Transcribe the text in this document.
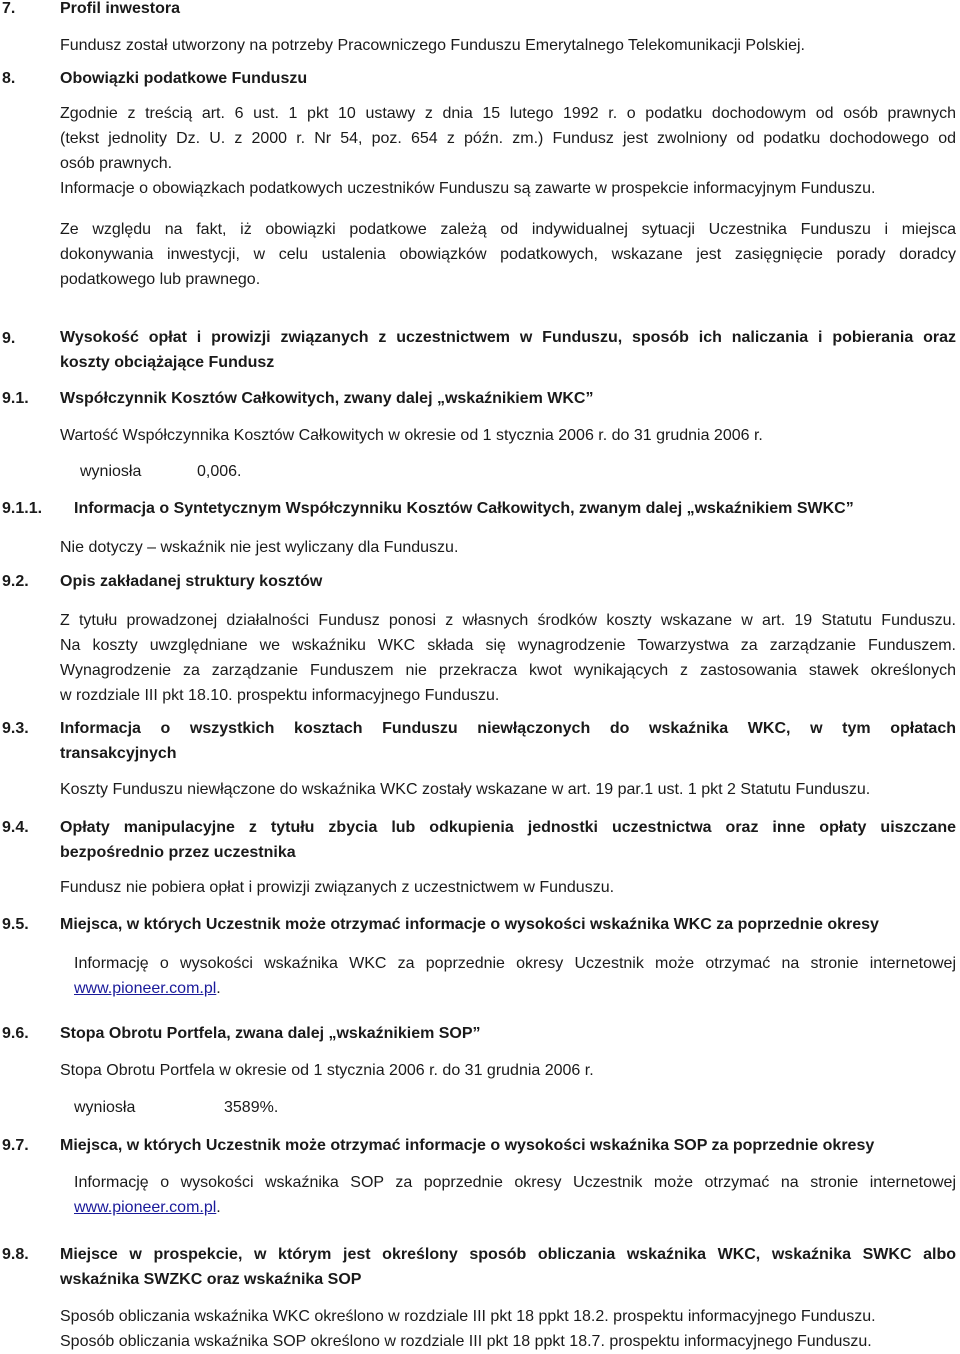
7.	Profil inwestora
Fundusz został utworzony na potrzeby Pracowniczego Funduszu Emerytalnego Telekomunikacji Polskiej.
8.	Obowiązki podatkowe Funduszu
Zgodnie z treścią art. 6 ust. 1 pkt 10 ustawy z dnia 15 lutego 1992 r. o podatku dochodowym od osób prawnych
(tekst jednolity Dz. U. z 2000 r. Nr 54, poz. 654 z późn. zm.) Fundusz jest zwolniony od podatku dochodowego od
osób prawnych.
Informacje o obowiązkach podatkowych uczestników Funduszu są zawarte w prospekcie informacyjnym Funduszu.
Ze względu na fakt, iż obowiązki podatkowe zależą od indywidualnej sytuacji Uczestnika Funduszu i miejsca
dokonywania inwestycji, w celu ustalenia obowiązków podatkowych, wskazane jest zasięgnięcie porady doradcy
podatkowego lub prawnego.
9.	Wysokość opłat i prowizji związanych z uczestnictwem w Funduszu, sposób ich naliczania i pobierania oraz
koszty obciążające Fundusz
9.1. Współczynnik Kosztów Całkowitych, zwany dalej „wskaźnikiem WKC”
Wartość Współczynnika Kosztów Całkowitych w okresie od 1 stycznia 2006 r. do 31 grudnia 2006 r.
wyniosła	0,006.
9.1.1. Informacja o Syntetycznym Współczynniku Kosztów Całkowitych, zwanym dalej „wskaźnikiem SWKC”
Nie dotyczy – wskaźnik nie jest wyliczany dla Funduszu.
9.2. Opis zakładanej struktury kosztów
Z tytułu prowadzonej działalności Fundusz ponosi z własnych środków koszty wskazane w art. 19 Statutu Funduszu.
Na koszty uwzględniane we wskaźniku WKC składa się wynagrodzenie Towarzystwa za zarządzanie Funduszem.
Wynagrodzenie za zarządzanie Funduszem nie przekracza kwot wynikających z zastosowania stawek określonych
w rozdziale III pkt 18.10. prospektu informacyjnego Funduszu.
9.3. Informacja o wszystkich kosztach Funduszu niewłączonych do wskaźnika WKC, w tym opłatach
transakcyjnych
Koszty Funduszu niewłączone do wskaźnika WKC zostały wskazane w art. 19 par.1 ust. 1 pkt 2 Statutu Funduszu.
9.4. Opłaty manipulacyjne z tytułu zbycia lub odkupienia jednostki uczestnictwa oraz inne opłaty uiszczane
bezpośrednio przez uczestnika
Fundusz nie pobiera opłat i prowizji związanych z uczestnictwem w Funduszu.
9.5. Miejsca, w których Uczestnik może otrzymać informacje o wysokości wskaźnika WKC za poprzednie okresy
Informację o wysokości wskaźnika WKC za poprzednie okresy Uczestnik może otrzymać na stronie internetowej
www.pioneer.com.pl.
9.6. Stopa Obrotu Portfela, zwana dalej „wskaźnikiem SOP”
Stopa Obrotu Portfela w okresie od 1 stycznia 2006 r. do 31 grudnia 2006 r.
wyniosła	3589%.
9.7. Miejsca, w których Uczestnik może otrzymać informacje o wysokości wskaźnika SOP za poprzednie okresy
Informację o wysokości wskaźnika SOP za poprzednie okresy Uczestnik może otrzymać na stronie internetowej
www.pioneer.com.pl.
9.8. Miejsce w prospekcie, w którym jest określony sposób obliczania wskaźnika WKC, wskaźnika SWKC albo
wskaźnika SWZKC oraz wskaźnika SOP
Sposób obliczania wskaźnika WKC określono w rozdziale III pkt 18 ppkt 18.2. prospektu informacyjnego Funduszu.
Sposób obliczania wskaźnika SOP określono w rozdziale III pkt 18 ppkt 18.7. prospektu informacyjnego Funduszu.
